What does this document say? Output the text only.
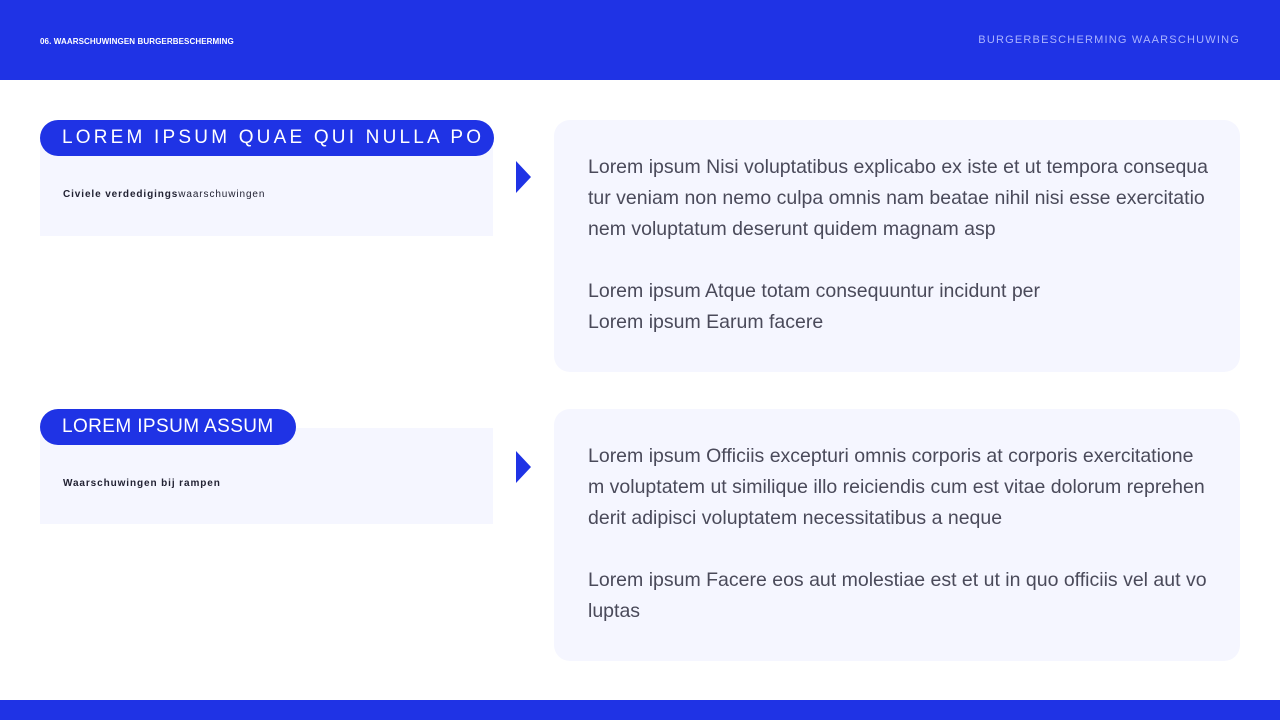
06. WAARSCHUWINGEN BURGERBESCHERMING	BURGERBESCHERMING WAARSCHUWING
LOREM IPSUM QUAE QUI NULLA PO
Civiele verdedigingswaarschuwingen

Lorem ipsum Nisi voluptatibus explicabo ex iste et ut tempora consequatur veniam non nemo culpa omnis nam beatae nihil nisi esse exercitationem voluptatum deserunt quidem magnam asp

Lorem ipsum Atque totam consequuntur incidunt per

Lorem ipsum Earum facere

LOREM IPSUM ASSUM
Waarschuwingen bij rampen

Lorem ipsum Officiis excepturi omnis corporis at corporis exercitationem voluptatem ut similique illo reiciendis cum est vitae dolorum reprehenderit adipisci voluptatem necessitatibus a neque

Lorem ipsum Facere eos aut molestiae est et ut in quo officiis vel aut voluptas
